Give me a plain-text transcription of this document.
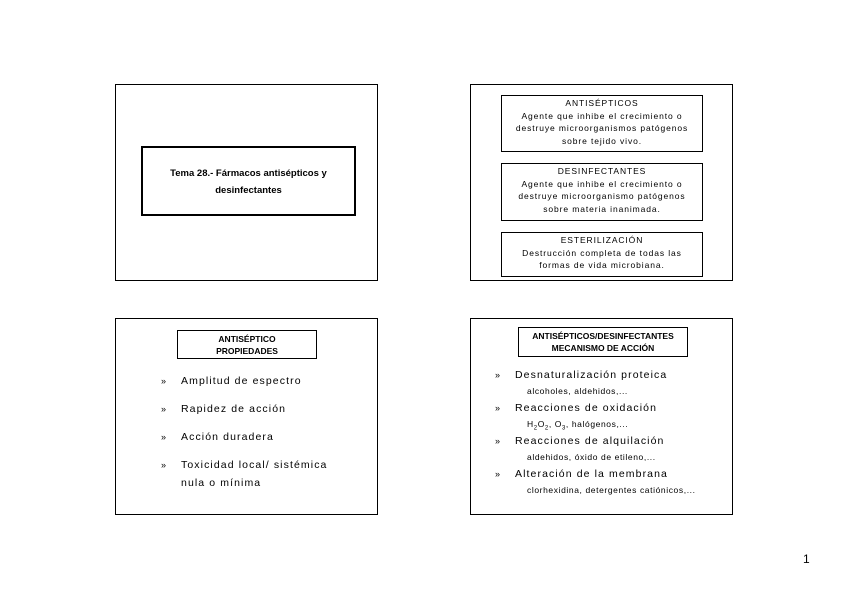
Tema 28.- Fármacos antisépticos y
desinfectantes
ANTISÉPTICOS
Agente que inhibe el crecimiento o
destruye microorganismos patógenos
sobre tejido vivo.
DESINFECTANTES
Agente que inhibe el crecimiento o
destruye microorganismo patógenos
sobre materia inanimada.
ESTERILIZACIÓN
Destrucción completa de todas las
formas de vida microbiana.
ANTISÉPTICO
PROPIEDADES
» Amplitud de espectro
» Rapidez de acción
» Acción duradera
» Toxicidad local/ sistémica
nula o mínima
ANTISÉPTICOS/DESINFECTANTES
MECANISMO DE ACCIÓN
» Desnaturalización proteica
alcoholes, aldehidos,...
» Reacciones de oxidación
$H_2O_2$, $O_3$, halógenos,...
» Reacciones de alquilación
aldehidos, óxido de etileno,...
» Alteración de la membrana
clorhexidina, detergentes catiónicos,...
1
